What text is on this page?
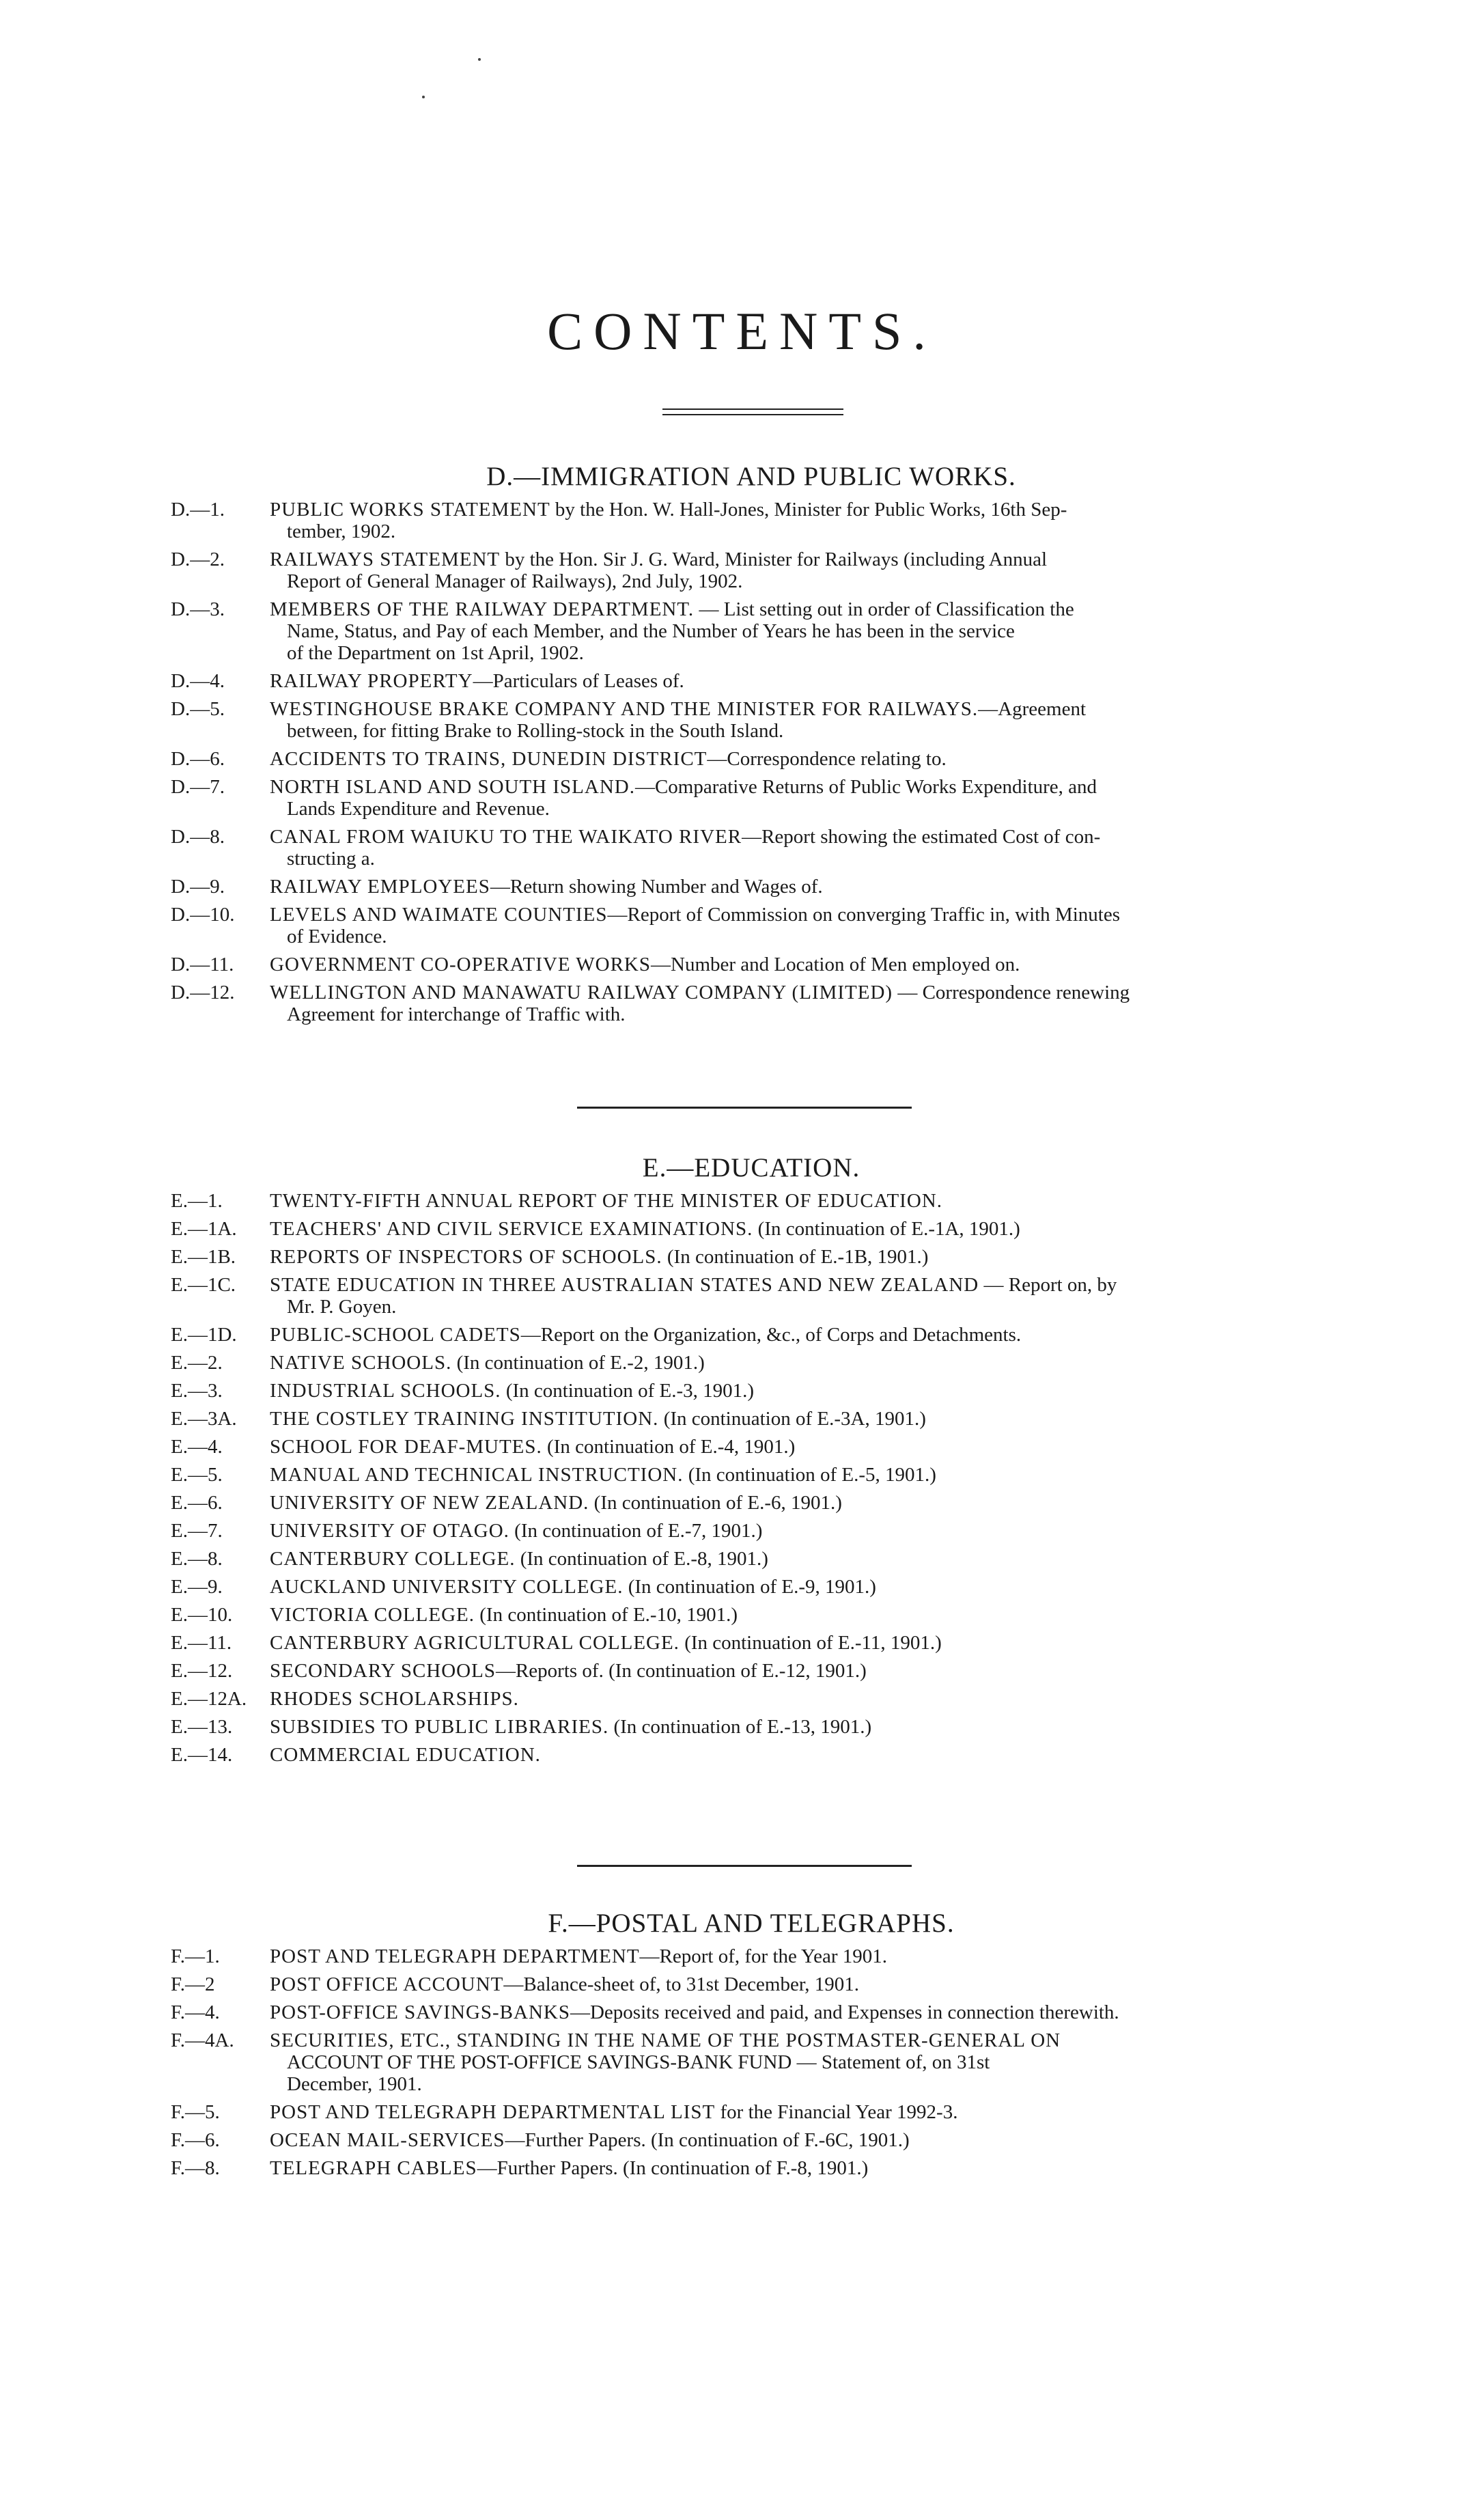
CONTENTS.
D.—IMMIGRATION AND PUBLIC WORKS.
D.—1.	PUBLIC WORKS STATEMENT by the Hon. W. Hall-Jones, Minister for Public Works, 16th Sep-
tember, 1902.
D.—2.	RAILWAYS STATEMENT by the Hon. Sir J. G. Ward, Minister for Railways (including Annual
Report of General Manager of Railways), 2nd July, 1902.
D.—3.	MEMBERS OF THE RAILWAY DEPARTMENT. — List setting out in order of Classification the
Name, Status, and Pay of each Member, and the Number of Years he has been in the service
of the Department on 1st April, 1902.
D.—4.	RAILWAY PROPERTY—Particulars of Leases of.
D.—5.	WESTINGHOUSE BRAKE COMPANY AND THE MINISTER FOR RAILWAYS.—Agreement
between, for fitting Brake to Rolling-stock in the South Island.
D.—6.	ACCIDENTS TO TRAINS, DUNEDIN DISTRICT—Correspondence relating to.
D.—7.	NORTH ISLAND AND SOUTH ISLAND.—Comparative Returns of Public Works Expenditure, and
Lands Expenditure and Revenue.
D.—8.	CANAL FROM WAIUKU TO THE WAIKATO RIVER—Report showing the estimated Cost of con-
structing a.
D.—9.	RAILWAY EMPLOYEES—Return showing Number and Wages of.
D.—10.	LEVELS AND WAIMATE COUNTIES—Report of Commission on converging Traffic in, with Minutes
of Evidence.
D.—11.	GOVERNMENT CO-OPERATIVE WORKS—Number and Location of Men employed on.
D.—12.	WELLINGTON AND MANAWATU RAILWAY COMPANY (LIMITED) — Correspondence renewing
Agreement for interchange of Traffic with.
E.—EDUCATION.
E.—1.	TWENTY-FIFTH ANNUAL REPORT OF THE MINISTER OF EDUCATION.
E.—1A.	TEACHERS' AND CIVIL SERVICE EXAMINATIONS. (In continuation of E.-1A, 1901.)
E.—1B.	REPORTS OF INSPECTORS OF SCHOOLS. (In continuation of E.-1B, 1901.)
E.—1C.	STATE EDUCATION IN THREE AUSTRALIAN STATES AND NEW ZEALAND — Report on, by
Mr. P. Goyen.
E.—1D.	PUBLIC-SCHOOL CADETS—Report on the Organization, &c., of Corps and Detachments.
E.—2.	NATIVE SCHOOLS. (In continuation of E.-2, 1901.)
E.—3.	INDUSTRIAL SCHOOLS. (In continuation of E.-3, 1901.)
E.—3A.	THE COSTLEY TRAINING INSTITUTION. (In continuation of E.-3A, 1901.)
E.—4.	SCHOOL FOR DEAF-MUTES. (In continuation of E.-4, 1901.)
E.—5.	MANUAL AND TECHNICAL INSTRUCTION. (In continuation of E.-5, 1901.)
E.—6.	UNIVERSITY OF NEW ZEALAND. (In continuation of E.-6, 1901.)
E.—7.	UNIVERSITY OF OTAGO. (In continuation of E.-7, 1901.)
E.—8.	CANTERBURY COLLEGE. (In continuation of E.-8, 1901.)
E.—9.	AUCKLAND UNIVERSITY COLLEGE. (In continuation of E.-9, 1901.)
E.—10.	VICTORIA COLLEGE. (In continuation of E.-10, 1901.)
E.—11.	CANTERBURY AGRICULTURAL COLLEGE. (In continuation of E.-11, 1901.)
E.—12.	SECONDARY SCHOOLS—Reports of. (In continuation of E.-12, 1901.)
E.—12A.	RHODES SCHOLARSHIPS.
E.—13.	SUBSIDIES TO PUBLIC LIBRARIES. (In continuation of E.-13, 1901.)
E.—14.	COMMERCIAL EDUCATION.
F.—POSTAL AND TELEGRAPHS.
F.—1.	POST AND TELEGRAPH DEPARTMENT—Report of, for the Year 1901.
F.—2	POST OFFICE ACCOUNT—Balance-sheet of, to 31st December, 1901.
F.—4.	POST-OFFICE SAVINGS-BANKS—Deposits received and paid, and Expenses in connection therewith.
F.—4A.	SECURITIES, ETC., STANDING IN THE NAME OF THE POSTMASTER-GENERAL ON
ACCOUNT OF THE POST-OFFICE SAVINGS-BANK FUND — Statement of, on 31st
December, 1901.
F.—5.	POST AND TELEGRAPH DEPARTMENTAL LIST for the Financial Year 1992-3.
F.—6.	OCEAN MAIL-SERVICES—Further Papers. (In continuation of F.-6C, 1901.)
F.—8.	TELEGRAPH CABLES—Further Papers. (In continuation of F.-8, 1901.)
